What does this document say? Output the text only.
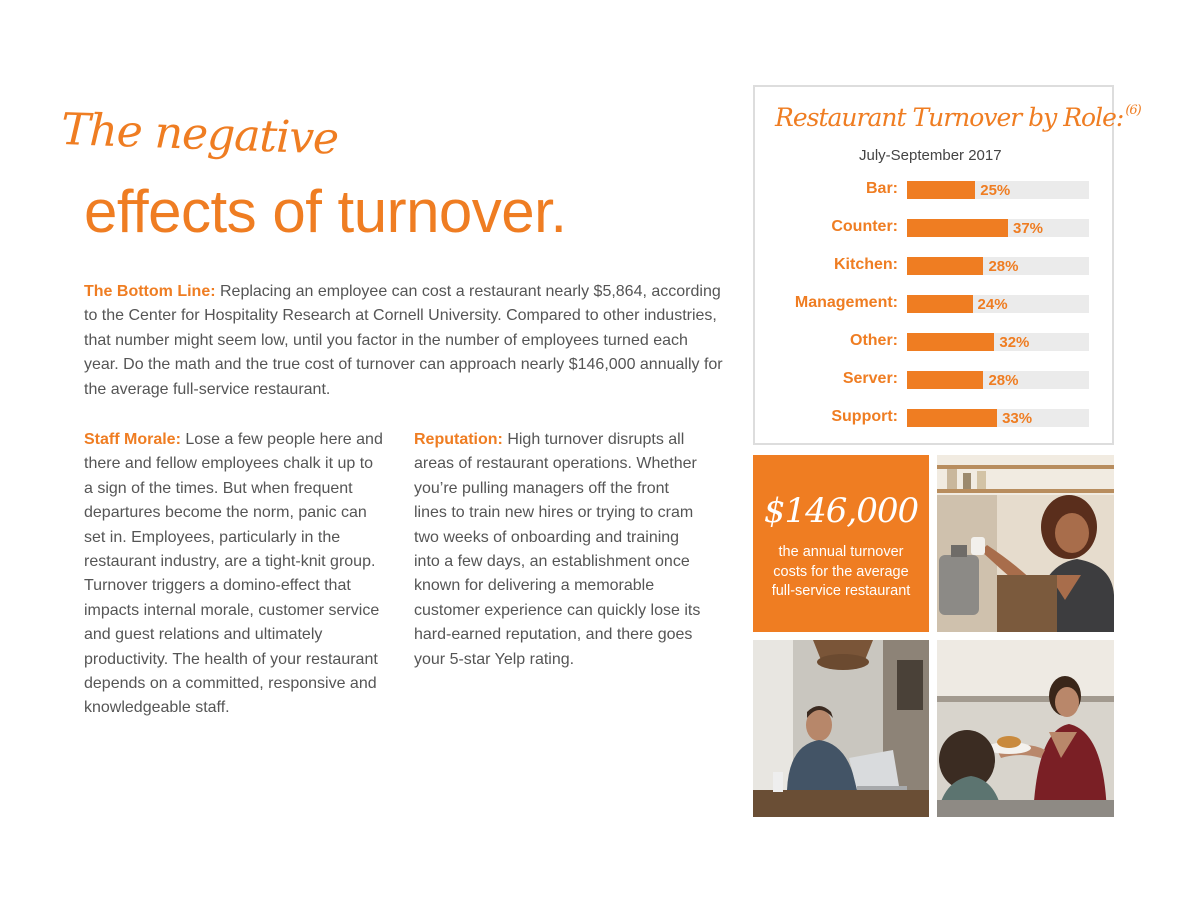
The negative
effects of turnover.

The Bottom Line: Replacing an employee can cost a restaurant nearly $5,864, according to the Center for Hospitality Research at Cornell University. Compared to other industries, that number might seem low, until you factor in the number of employees turned each year. Do the math and the true cost of turnover can approach nearly $146,000 annually for the average full-service restaurant.

Staff Morale: Lose a few people here and there and fellow employees chalk it up to a sign of the times. But when frequent departures become the norm, panic can set in. Employees, particularly in the restaurant industry, are a tight-knit group. Turnover triggers a domino-effect that impacts internal morale, customer service and guest relations and ultimately productivity. The health of your restaurant depends on a committed, responsive and knowledgeable staff.

Reputation: High turnover disrupts all areas of restaurant operations. Whether you’re pulling managers off the front lines to train new hires or trying to cram two weeks of onboarding and training into a few days, an establishment once known for delivering a memorable customer experience can quickly lose its hard-earned reputation, and there goes your 5-star Yelp rating.

Restaurant Turnover by Role: $^{(6)}$
July-September 2017
Bar:	25%
Counter:	37%
Kitchen:	28%
Management:	24%
Other:	32%
Server:	28%
Support:	33%
$146,000
the annual turnover costs for the average full-service restaurant
